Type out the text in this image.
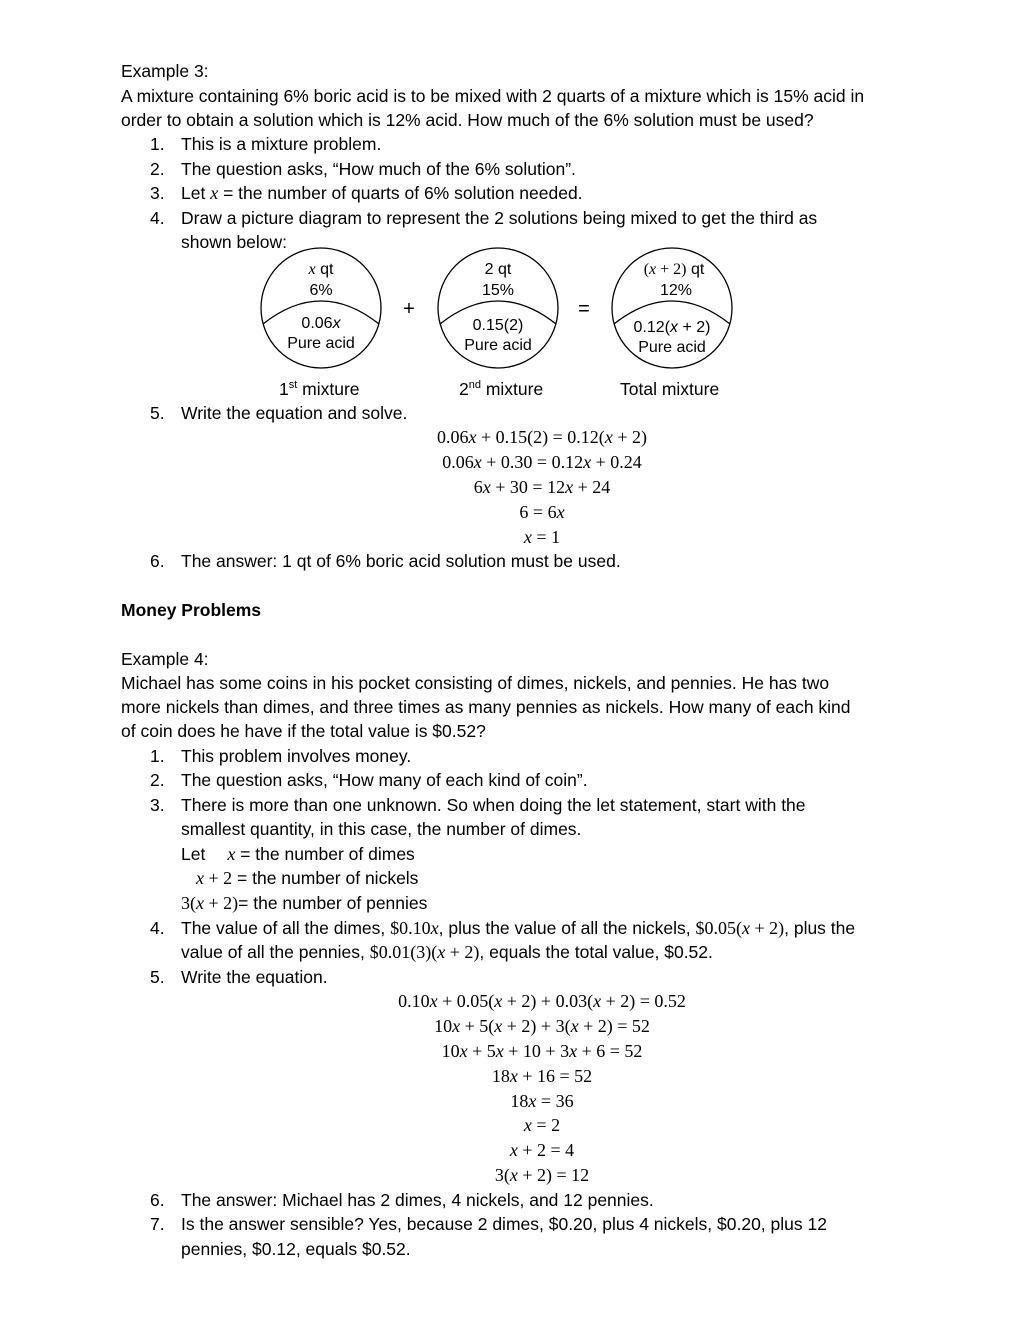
Example 3:
A mixture containing 6% boric acid is to be mixed with 2 quarts of a mixture which is 15% acid in
order to obtain a solution which is 12% acid. How much of the 6% solution must be used?
1. This is a mixture problem.
2. The question asks, “How much of the 6% solution”.
3. Let x = the number of quarts of 6% solution needed.
4. Draw a picture diagram to represent the 2 solutions being mixed to get the third as
shown below:
x qt
6%
0.06x
Pure acid
+
2 qt
15%
0.15(2)
Pure acid
=
(x + 2) qt
12%
0.12(x + 2)
Pure acid
1st mixture	2nd mixture	Total mixture
5. Write the equation and solve.
0.06x + 0.15(2) = 0.12(x + 2)
0.06x + 0.30 = 0.12x + 0.24
6x + 30 = 12x + 24
6 = 6x
x = 1
6. The answer: 1 qt of 6% boric acid solution must be used.
Money Problems
Example 4:
Michael has some coins in his pocket consisting of dimes, nickels, and pennies. He has two
more nickels than dimes, and three times as many pennies as nickels. How many of each kind
of coin does he have if the total value is $0.52?
1. This problem involves money.
2. The question asks, “How many of each kind of coin”.
3. There is more than one unknown. So when doing the let statement, start with the
smallest quantity, in this case, the number of dimes.
Let x = the number of dimes
x + 2 = the number of nickels
3(x + 2)= the number of pennies
4. The value of all the dimes, $0.10x, plus the value of all the nickels, $0.05(x + 2), plus the
value of all the pennies, $0.01(3)(x + 2), equals the total value, $0.52.
5. Write the equation.
0.10x + 0.05(x + 2) + 0.03(x + 2) = 0.52
10x + 5(x + 2) + 3(x + 2) = 52
10x + 5x + 10 + 3x + 6 = 52
18x + 16 = 52
18x = 36
x = 2
x + 2 = 4
3(x + 2) = 12
6. The answer: Michael has 2 dimes, 4 nickels, and 12 pennies.
7. Is the answer sensible? Yes, because 2 dimes, $0.20, plus 4 nickels, $0.20, plus 12
pennies, $0.12, equals $0.52.
